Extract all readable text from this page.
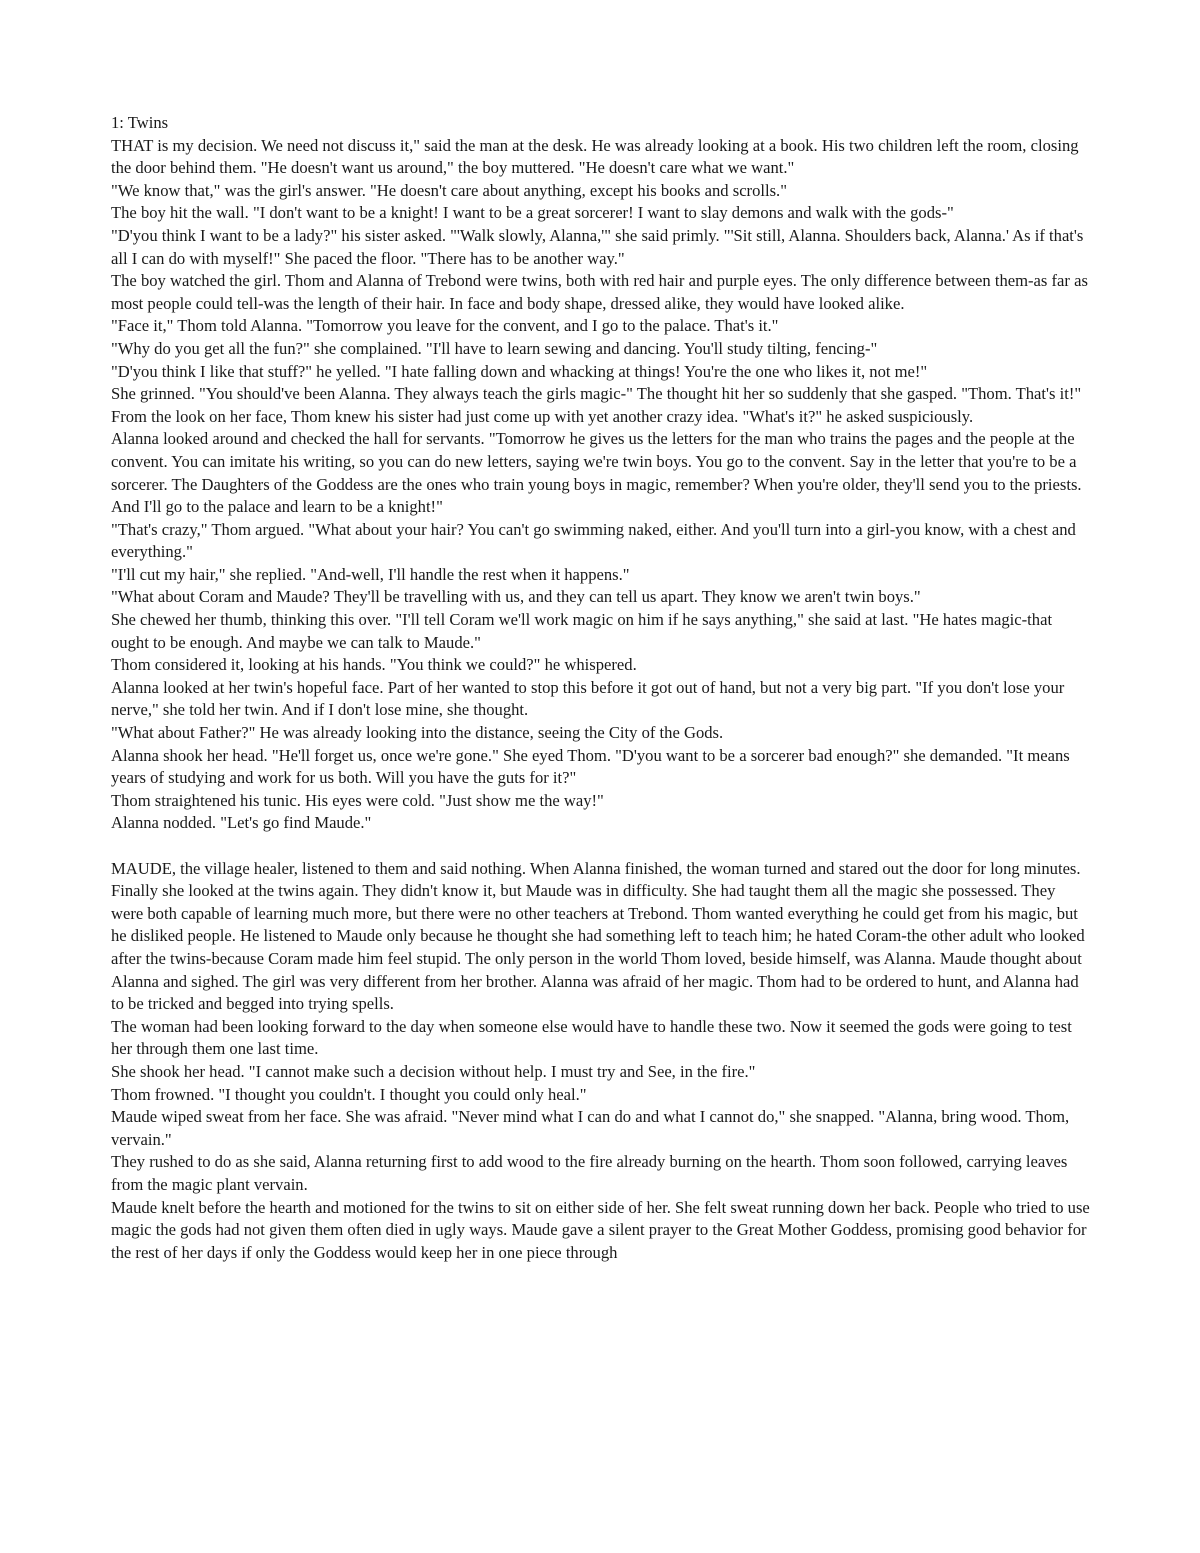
1: Twins

THAT is my decision. We need not discuss it," said the man at the desk. He was already looking at a book. His two children left the room, closing the door behind them. "He doesn't want us around," the boy muttered. "He doesn't care what we want."

"We know that," was the girl's answer. "He doesn't care about anything, except his books and scrolls."

The boy hit the wall. "I don't want to be a knight! I want to be a great sorcerer! I want to slay demons and walk with the gods-"

"D'you think I want to be a lady?" his sister asked. "'Walk slowly, Alanna,'" she said primly. "'Sit still, Alanna. Shoulders back, Alanna.' As if that's all I can do with myself!" She paced the floor. "There has to be another way."

The boy watched the girl. Thom and Alanna of Trebond were twins, both with red hair and purple eyes. The only difference between them-as far as most people could tell-was the length of their hair. In face and body shape, dressed alike, they would have looked alike.

"Face it," Thom told Alanna. "Tomorrow you leave for the convent, and I go to the palace. That's it."

"Why do you get all the fun?" she complained. "I'll have to learn sewing and dancing. You'll study tilting, fencing-"

"D'you think I like that stuff?" he yelled. "I hate falling down and whacking at things! You're the one who likes it, not me!"

She grinned. "You should've been Alanna. They always teach the girls magic-" The thought hit her so suddenly that she gasped. "Thom. That's it!"

From the look on her face, Thom knew his sister had just come up with yet another crazy idea. "What's it?" he asked suspiciously.

Alanna looked around and checked the hall for servants. "Tomorrow he gives us the letters for the man who trains the pages and the people at the convent. You can imitate his writing, so you can do new letters, saying we're twin boys. You go to the convent. Say in the letter that you're to be a sorcerer. The Daughters of the Goddess are the ones who train young boys in magic, remember? When you're older, they'll send you to the priests. And I'll go to the palace and learn to be a knight!"

"That's crazy," Thom argued. "What about your hair? You can't go swimming naked, either. And you'll turn into a girl-you know, with a chest and everything."

"I'll cut my hair," she replied. "And-well, I'll handle the rest when it happens."

"What about Coram and Maude? They'll be travelling with us, and they can tell us apart. They know we aren't twin boys."

She chewed her thumb, thinking this over. "I'll tell Coram we'll work magic on him if he says anything," she said at last. "He hates magic-that ought to be enough. And maybe we can talk to Maude."

Thom considered it, looking at his hands. "You think we could?" he whispered.

Alanna looked at her twin's hopeful face. Part of her wanted to stop this before it got out of hand, but not a very big part. "If you don't lose your nerve," she told her twin. And if I don't lose mine, she thought.

"What about Father?" He was already looking into the distance, seeing the City of the Gods.

Alanna shook her head. "He'll forget us, once we're gone." She eyed Thom. "D'you want to be a sorcerer bad enough?" she demanded. "It means years of studying and work for us both. Will you have the guts for it?"

Thom straightened his tunic. His eyes were cold. "Just show me the way!"

Alanna nodded. "Let's go find Maude."

MAUDE, the village healer, listened to them and said nothing. When Alanna finished, the woman turned and stared out the door for long minutes.

Finally she looked at the twins again. They didn't know it, but Maude was in difficulty. She had taught them all the magic she possessed. They were both capable of learning much more, but there were no other teachers at Trebond. Thom wanted everything he could get from his magic, but he disliked people. He listened to Maude only because he thought she had something left to teach him; he hated Coram-the other adult who looked after the twins-because Coram made him feel stupid. The only person in the world Thom loved, beside himself, was Alanna. Maude thought about Alanna and sighed. The girl was very different from her brother. Alanna was afraid of her magic. Thom had to be ordered to hunt, and Alanna had to be tricked and begged into trying spells.

The woman had been looking forward to the day when someone else would have to handle these two. Now it seemed the gods were going to test her through them one last time.

She shook her head. "I cannot make such a decision without help. I must try and See, in the fire."

Thom frowned. "I thought you couldn't. I thought you could only heal."

Maude wiped sweat from her face. She was afraid. "Never mind what I can do and what I cannot do," she snapped. "Alanna, bring wood. Thom, vervain."

They rushed to do as she said, Alanna returning first to add wood to the fire already burning on the hearth. Thom soon followed, carrying leaves from the magic plant vervain.

Maude knelt before the hearth and motioned for the twins to sit on either side of her. She felt sweat running down her back. People who tried to use magic the gods had not given them often died in ugly ways. Maude gave a silent prayer to the Great Mother Goddess, promising good behavior for the rest of her days if only the Goddess would keep her in one piece through
